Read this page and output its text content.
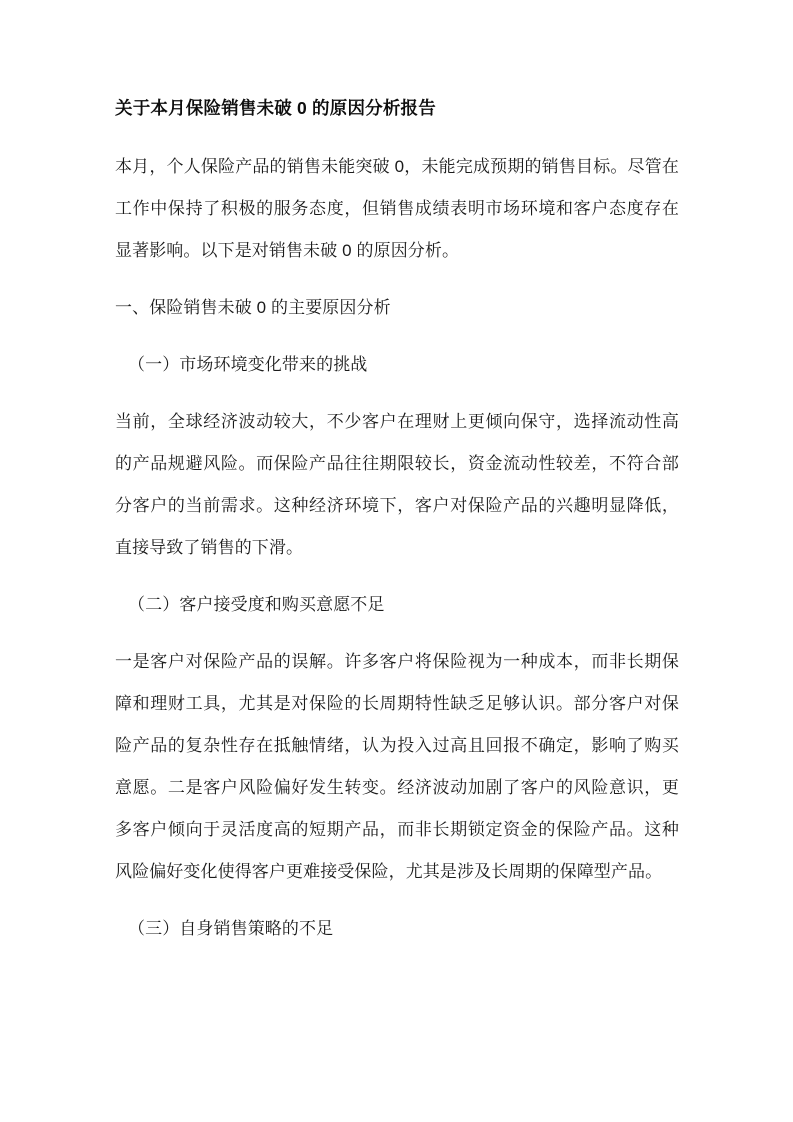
关于本月保险销售未破 0 的原因分析报告

本月，个人保险产品的销售未能突破 0，未能完成预期的销售目标。尽管在工作中保持了积极的服务态度，但销售成绩表明市场环境和客户态度存在显著影响。以下是对销售未破 0 的原因分析。

一、保险销售未破 0 的主要原因分析

（一）市场环境变化带来的挑战

当前，全球经济波动较大，不少客户在理财上更倾向保守，选择流动性高的产品规避风险。而保险产品往往期限较长，资金流动性较差，不符合部分客户的当前需求。这种经济环境下，客户对保险产品的兴趣明显降低，直接导致了销售的下滑。

（二）客户接受度和购买意愿不足

一是客户对保险产品的误解。许多客户将保险视为一种成本，而非长期保障和理财工具，尤其是对保险的长周期特性缺乏足够认识。部分客户对保险产品的复杂性存在抵触情绪，认为投入过高且回报不确定，影响了购买意愿。二是客户风险偏好发生转变。经济波动加剧了客户的风险意识，更多客户倾向于灵活度高的短期产品，而非长期锁定资金的保险产品。这种风险偏好变化使得客户更难接受保险，尤其是涉及长周期的保障型产品。

（三）自身销售策略的不足
